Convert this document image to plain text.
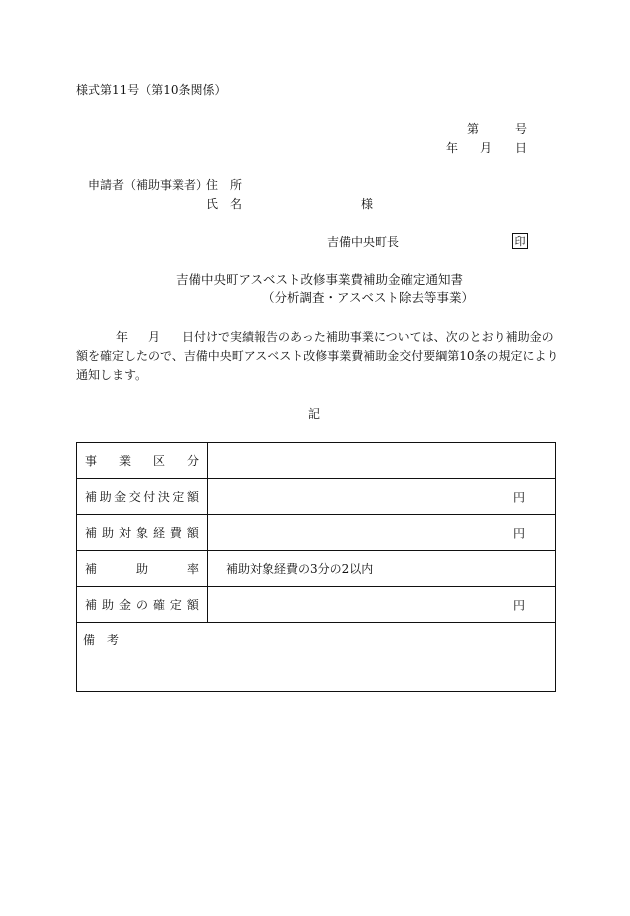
様式第11号（第10条関係）
第	号
年 月 日
申請者（補助事業者）
住　所
氏　名	様
吉備中央町長	印
吉備中央町アスベスト改修事業費補助金確定通知書
（分析調査・アスベスト除去等事業）
年 月 日付けで実績報告のあった補助事業については、次のとおり補助金の
額を確定したので、吉備中央町アスベスト改修事業費補助金交付要綱第10条の規定により
通知します。
記
事 業 区 分
補 助 金 交 付 決 定 額	円
補 助 対 象 経 費 額	円
補	助	率	補助対象経費の3分の2以内
補 助 金 の 確 定 額	円
備　考
